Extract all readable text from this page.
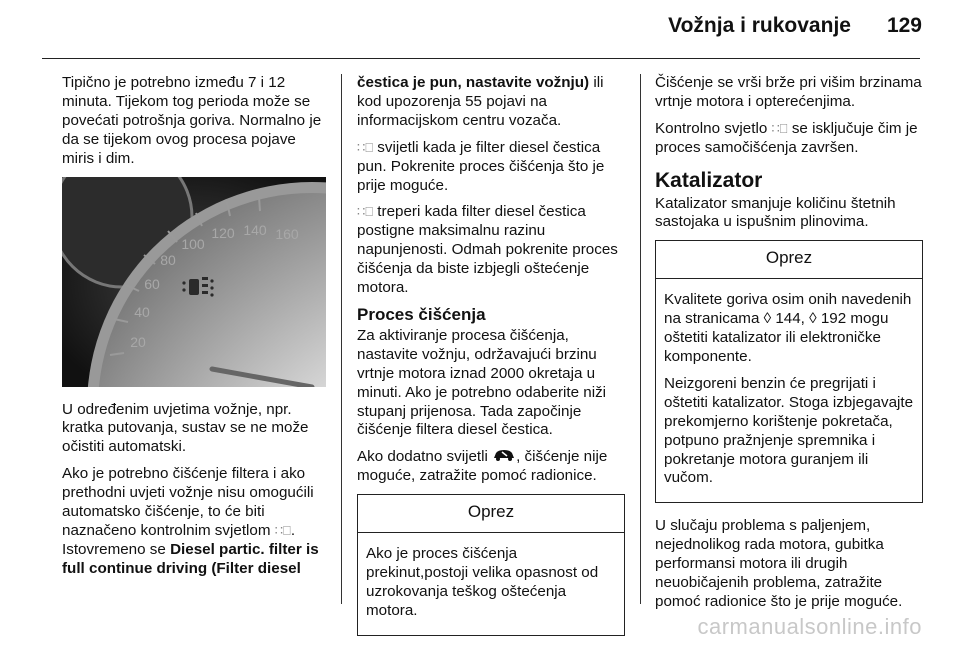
Vožnja i rukovanje 129

Tipično je potrebno između 7 i 12 minuta. Tijekom tog perioda može se povećati potrošnja goriva. Normalno je da se tijekom ovog procesa pojave miris i dim.

20
40
60
80
100
120 140 160

U određenim uvjetima vožnje, npr. kratka putovanja, sustav se ne može očistiti automatski.

Ako je potrebno čišćenje filtera i ako prethodni uvjeti vožnje nisu omogućili automatsko čišćenje, to će biti naznačeno kontrolnim svjetlom ∷⎕. Istovremeno se Diesel partic. filter is full continue driving (Filter diesel

čestica je pun, nastavite vožnju) ili kod upozorenja 55 pojavi na informacijskom centru vozača.

∷⎕ svijetli kada je filter diesel čestica pun. Pokrenite proces čišćenja što je prije moguće.

∷⎕ treperi kada filter diesel čestica postigne maksimalnu razinu napunjenosti. Odmah pokrenite proces čišćenja da biste izbjegli oštećenje motora.

Proces čišćenja

Za aktiviranje procesa čišćenja, nastavite vožnju, održavajući brzinu vrtnje motora iznad 2000 okretaja u minuti. Ako je potrebno odaberite niži stupanj prijenosa. Tada započinje čišćenje filtera diesel čestica.

Ako dodatno svijetli , čišćenje nije moguće, zatražite pomoć radionice.

Oprez

Ako je proces čišćenja prekinut,postoji velika opasnost od uzrokovanja teškog oštećenja motora.

Čišćenje se vrši brže pri višim brzinama vrtnje motora i opterećenjima.

Kontrolno svjetlo ∷⎕ se isključuje čim je proces samočišćenja završen.

Katalizator

Katalizator smanjuje količinu štetnih sastojaka u ispušnim plinovima.

Oprez

Kvalitete goriva osim onih navedenih na stranicama ◊ 144, ◊ 192 mogu oštetiti katalizator ili elektroničke komponente.

Neizgoreni benzin će pregrijati i oštetiti katalizator. Stoga izbjegavajte prekomjerno korištenje pokretača, potpuno pražnjenje spremnika i pokretanje motora guranjem ili vučom.

U slučaju problema s paljenjem, nejednolikog rada motora, gubitka performansi motora ili drugih neuobičajenih problema, zatražite pomoć radionice što je prije moguće.

carmanualsonline.info
